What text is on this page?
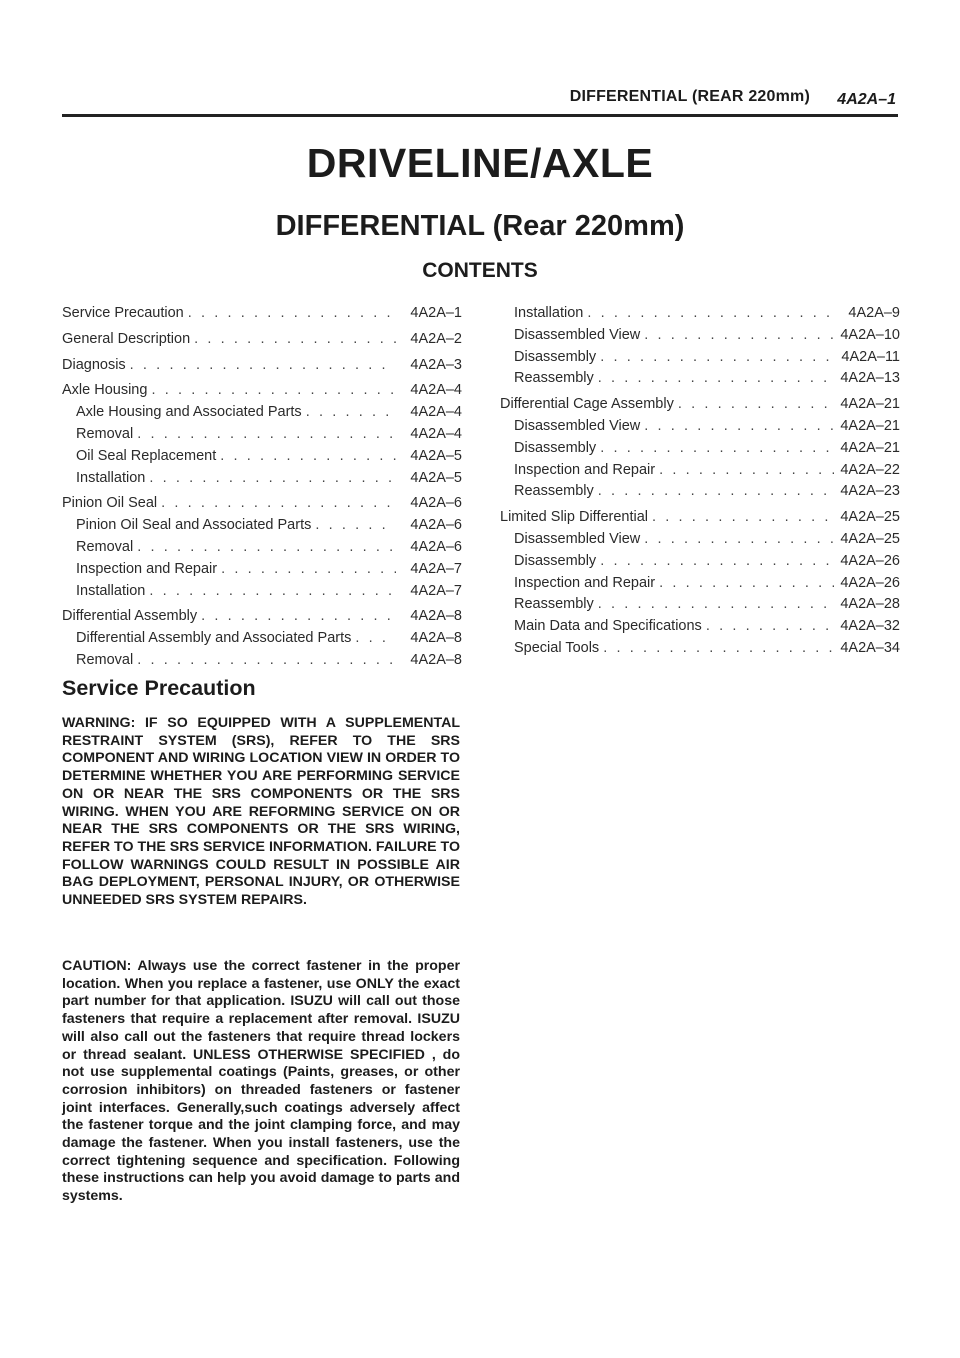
DIFFERENTIAL (REAR 220mm) 4A2A–1
DRIVELINE/AXLE
DIFFERENTIAL (Rear 220mm)
CONTENTS
Service Precaution . . .	4A2A–1
General Description . . .	4A2A–2
Diagnosis . . .	4A2A–3
Axle Housing . . .	4A2A–4
Axle Housing and Associated Parts . . .	4A2A–4
Removal . . .	4A2A–4
Oil Seal Replacement . . .	4A2A–5
Installation . . .	4A2A–5
Pinion Oil Seal . . .	4A2A–6
Pinion Oil Seal and Associated Parts . . .	4A2A–6
Removal . . .	4A2A–6
Inspection and Repair . . .	4A2A–7
Installation . . .	4A2A–7
Differential Assembly . . .	4A2A–8
Differential Assembly and Associated Parts . . .	4A2A–8
Removal . . .	4A2A–8
Installation . . .	4A2A–9
Disassembled View . . .	4A2A–10
Disassembly . . .	4A2A–11
Reassembly . . .	4A2A–13
Differential Cage Assembly . . .	4A2A–21
Disassembled View . . .	4A2A–21
Disassembly . . .	4A2A–21
Inspection and Repair . . .	4A2A–22
Reassembly . . .	4A2A–23
Limited Slip Differential . . .	4A2A–25
Disassembled View . . .	4A2A–25
Disassembly . . .	4A2A–26
Inspection and Repair . . .	4A2A–26
Reassembly . . .	4A2A–28
Main Data and Specifications . . .	4A2A–32
Special Tools . . .	4A2A–34
Service Precaution
WARNING: IF SO EQUIPPED WITH A SUPPLEMENTAL RESTRAINT SYSTEM (SRS), REFER TO THE SRS COMPONENT AND WIRING LOCATION VIEW IN ORDER TO DETERMINE WHETHER YOU ARE PERFORMING SERVICE ON OR NEAR THE SRS COMPONENTS OR THE SRS WIRING. WHEN YOU ARE REFORMING SERVICE ON OR NEAR THE SRS COMPONENTS OR THE SRS WIRING, REFER TO THE SRS SERVICE INFORMATION. FAILURE TO FOLLOW WARNINGS COULD RESULT IN POSSIBLE AIR BAG DEPLOYMENT, PERSONAL INJURY, OR OTHERWISE UNNEEDED SRS SYSTEM REPAIRS.
CAUTION: Always use the correct fastener in the proper location. When you replace a fastener, use ONLY the exact part number for that application. ISUZU will call out those fasteners that require a replacement after removal. ISUZU will also call out the fasteners that require thread lockers or thread sealant. UNLESS OTHERWISE SPECIFIED , do not use supplemental coatings (Paints, greases, or other corrosion inhibitors) on threaded fasteners or fastener joint interfaces. Generally,such coatings adversely affect the fastener torque and the joint clamping force, and may damage the fastener. When you install fasteners, use the correct tightening sequence and specification. Following these instructions can help you avoid damage to parts and systems.
